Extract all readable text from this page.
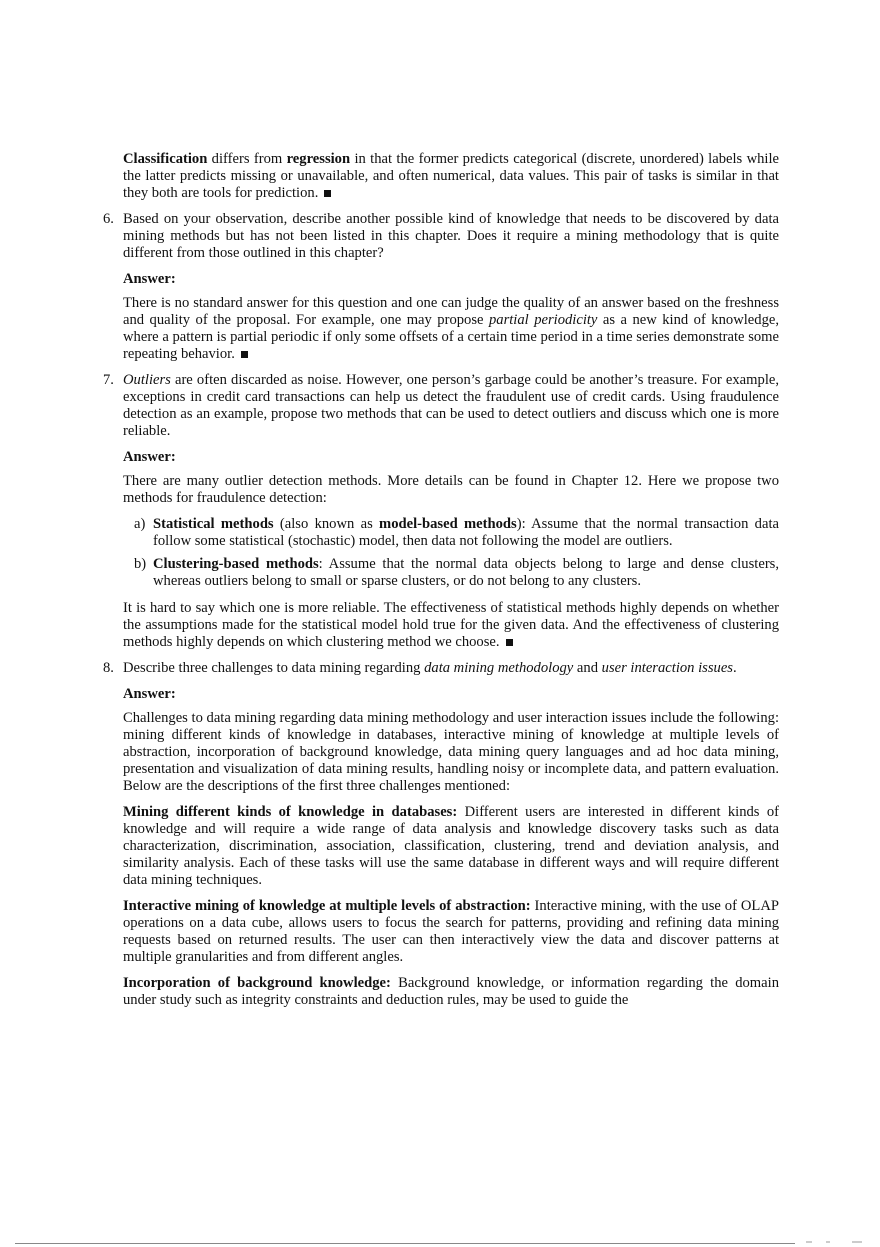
Classification differs from regression in that the former predicts categorical (discrete, unordered) labels while the latter predicts missing or unavailable, and often numerical, data values. This pair of tasks is similar in that they both are tools for prediction.

6. Based on your observation, describe another possible kind of knowledge that needs to be discovered by data mining methods but has not been listed in this chapter. Does it require a mining methodology that is quite different from those outlined in this chapter?

Answer:

There is no standard answer for this question and one can judge the quality of an answer based on the freshness and quality of the proposal. For example, one may propose partial periodicity as a new kind of knowledge, where a pattern is partial periodic if only some offsets of a certain time period in a time series demonstrate some repeating behavior.

7. Outliers are often discarded as noise. However, one person’s garbage could be another’s treasure. For example, exceptions in credit card transactions can help us detect the fraudulent use of credit cards. Using fraudulence detection as an example, propose two methods that can be used to detect outliers and discuss which one is more reliable.

Answer:

There are many outlier detection methods. More details can be found in Chapter 12. Here we propose two methods for fraudulence detection:

a) Statistical methods (also known as model-based methods): Assume that the normal transaction data follow some statistical (stochastic) model, then data not following the model are outliers.
b) Clustering-based methods: Assume that the normal data objects belong to large and dense clusters, whereas outliers belong to small or sparse clusters, or do not belong to any clusters.

It is hard to say which one is more reliable. The effectiveness of statistical methods highly depends on whether the assumptions made for the statistical model hold true for the given data. And the effectiveness of clustering methods highly depends on which clustering method we choose.

8. Describe three challenges to data mining regarding data mining methodology and user interaction issues.

Answer:

Challenges to data mining regarding data mining methodology and user interaction issues include the following: mining different kinds of knowledge in databases, interactive mining of knowledge at multiple levels of abstraction, incorporation of background knowledge, data mining query languages and ad hoc data mining, presentation and visualization of data mining results, handling noisy or incomplete data, and pattern evaluation. Below are the descriptions of the first three challenges mentioned:

Mining different kinds of knowledge in databases: Different users are interested in different kinds of knowledge and will require a wide range of data analysis and knowledge discovery tasks such as data characterization, discrimination, association, classification, clustering, trend and deviation analysis, and similarity analysis. Each of these tasks will use the same database in different ways and will require different data mining techniques.

Interactive mining of knowledge at multiple levels of abstraction: Interactive mining, with the use of OLAP operations on a data cube, allows users to focus the search for patterns, providing and refining data mining requests based on returned results. The user can then interactively view the data and discover patterns at multiple granularities and from different angles.

Incorporation of background knowledge: Background knowledge, or information regarding the domain under study such as integrity constraints and deduction rules, may be used to guide the
